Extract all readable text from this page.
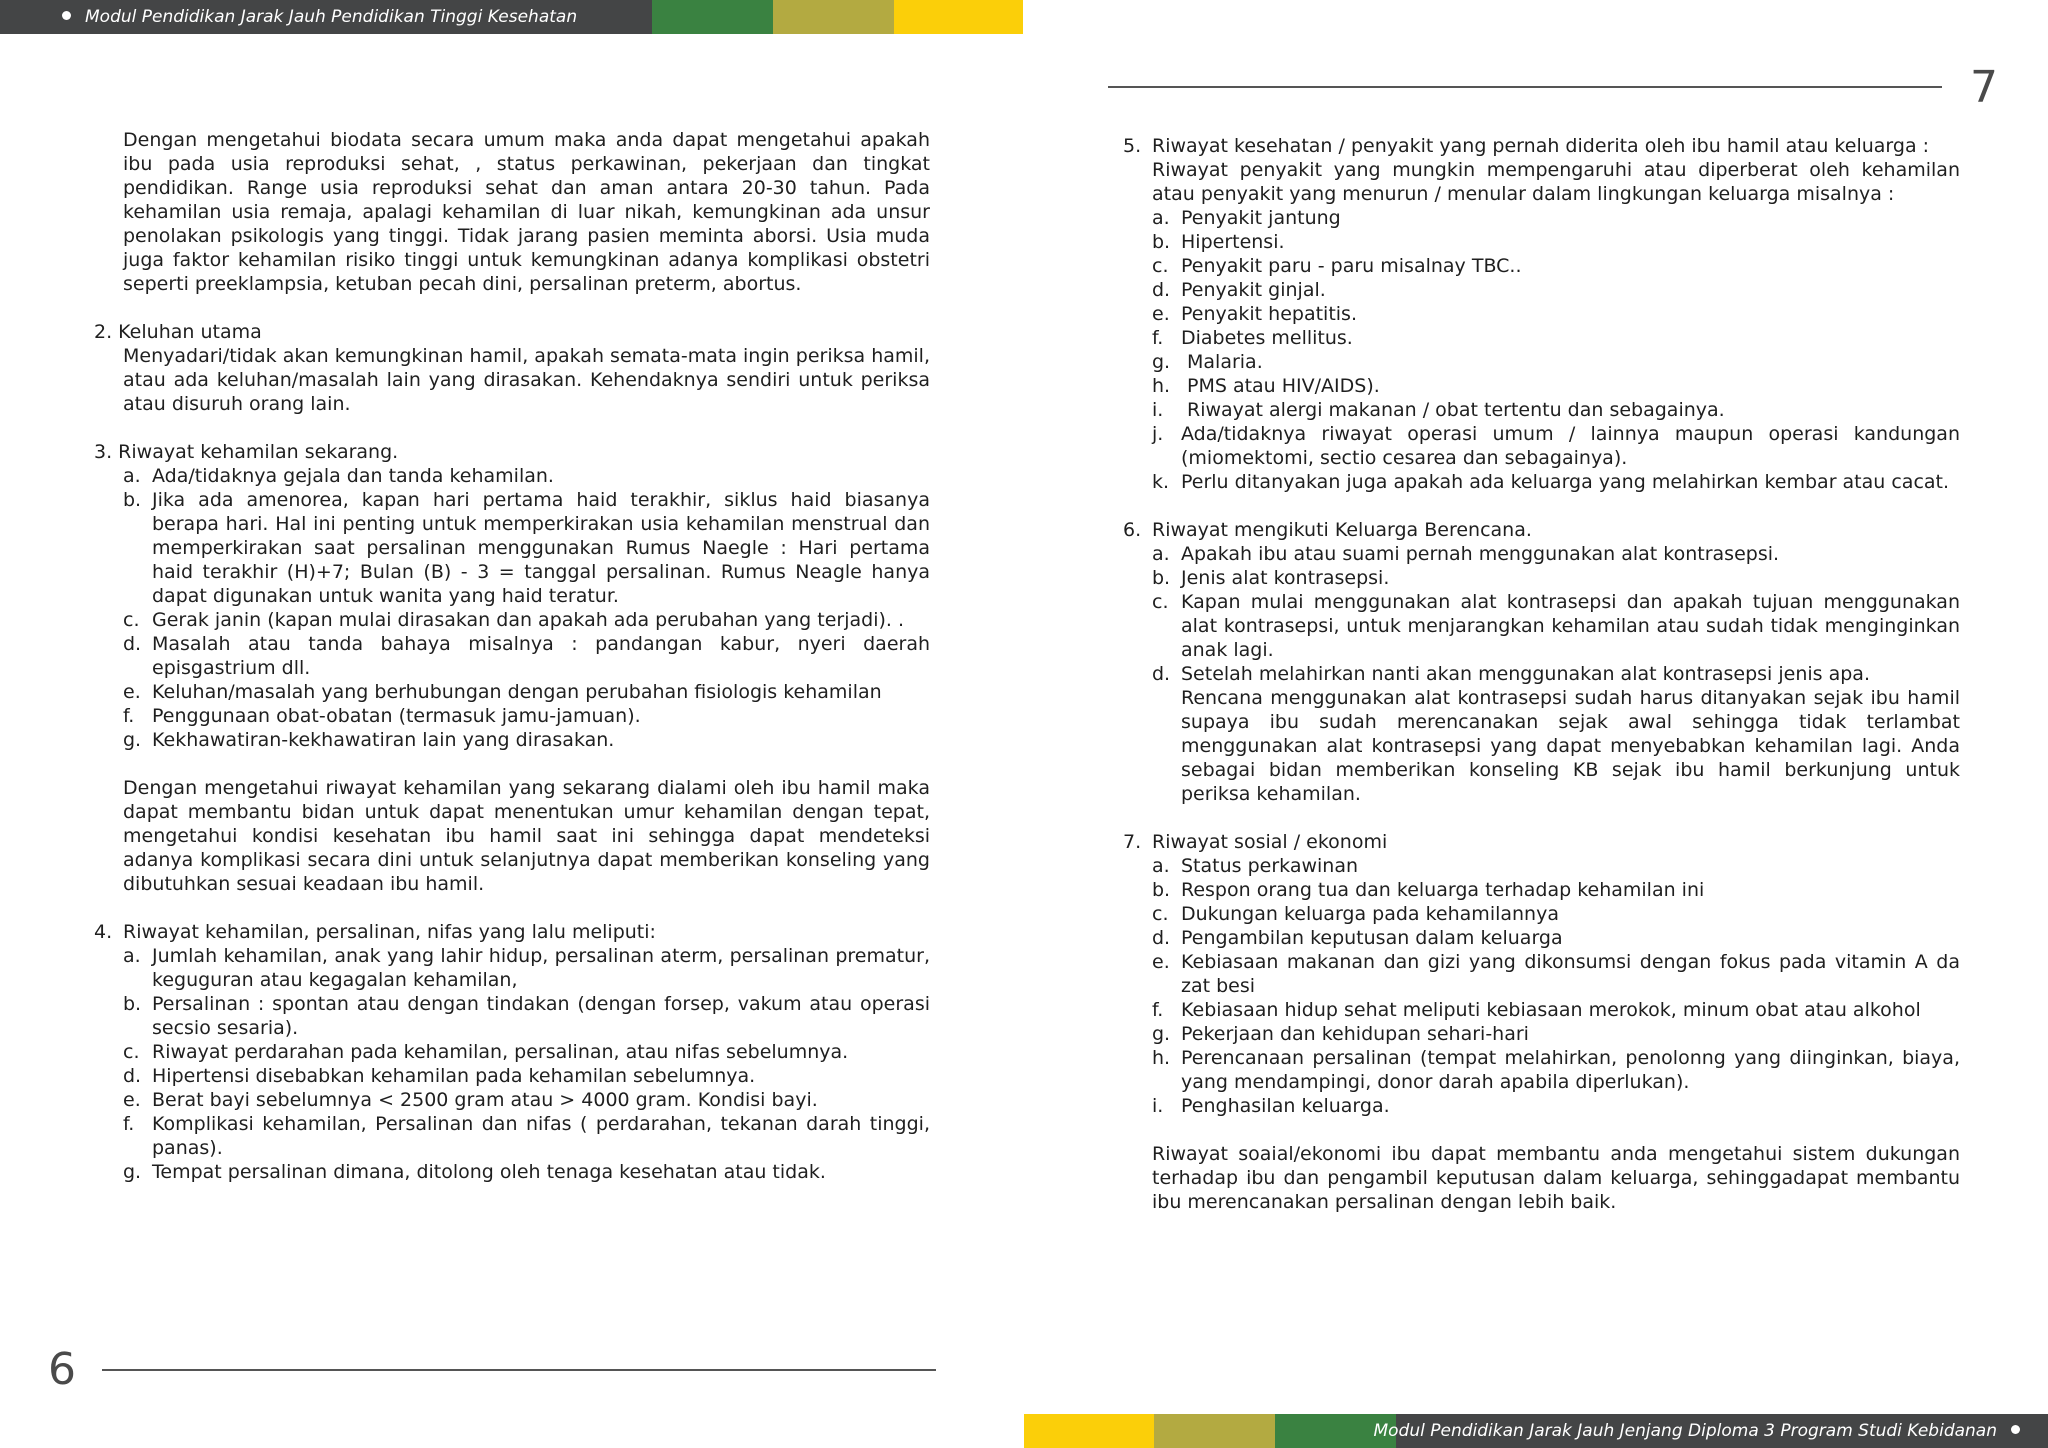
Modul Pendidikan Jarak Jauh Pendidikan Tinggi Kesehatan
7

Dengan mengetahui biodata secara umum maka anda dapat mengetahui apakah ibu pada usia reproduksi sehat, , status perkawinan, pekerjaan dan tingkat pendidikan. Range usia reproduksi sehat dan aman antara 20-30 tahun. Pada kehamilan usia remaja, apalagi kehamilan di luar nikah, kemungkinan ada unsur penolakan psikologis yang tinggi. Tidak jarang pasien meminta aborsi. Usia muda juga faktor kehamilan risiko tinggi untuk kemungkinan adanya komplikasi obstetri seperti preeklampsia, ketuban pecah dini, persalinan preterm, abortus.

2. Keluhan utama

Menyadari/tidak akan kemungkinan hamil, apakah semata-mata ingin periksa hamil, atau ada keluhan/masalah lain yang dirasakan. Kehendaknya sendiri untuk periksa atau disuruh orang lain.

3. Riwayat kehamilan sekarang.

a. Ada/tidaknya gejala dan tanda kehamilan.
b. Jika ada amenorea, kapan hari pertama haid terakhir, siklus haid biasanya berapa hari. Hal ini penting untuk memperkirakan usia kehamilan menstrual dan memperkirakan saat persalinan menggunakan Rumus Naegle : Hari pertama haid terakhir (H)+7; Bulan (B) - 3 = tanggal persalinan. Rumus Neagle hanya dapat digunakan untuk wanita yang haid teratur.
c. Gerak janin (kapan mulai dirasakan dan apakah ada perubahan yang terjadi). .
d. Masalah atau tanda bahaya misalnya : pandangan kabur, nyeri daerah episgastrium dll.
e. Keluhan/masalah yang berhubungan dengan perubahan fisiologis kehamilan
f. Penggunaan obat-obatan (termasuk jamu-jamuan).
g. Kekhawatiran-kekhawatiran lain yang dirasakan.

Dengan mengetahui riwayat kehamilan yang sekarang dialami oleh ibu hamil maka dapat membantu bidan untuk dapat menentukan umur kehamilan dengan tepat, mengetahui kondisi kesehatan ibu hamil saat ini sehingga dapat mendeteksi adanya komplikasi secara dini untuk selanjutnya dapat memberikan konseling yang dibutuhkan sesuai keadaan ibu hamil.

4. Riwayat kehamilan, persalinan, nifas yang lalu meliputi:
a. Jumlah kehamilan, anak yang lahir hidup, persalinan aterm, persalinan prematur, keguguran atau kegagalan kehamilan,
b. Persalinan : spontan atau dengan tindakan (dengan forsep, vakum atau operasi secsio sesaria).
c. Riwayat perdarahan pada kehamilan, persalinan, atau nifas sebelumnya.
d. Hipertensi disebabkan kehamilan pada kehamilan sebelumnya.
e. Berat bayi sebelumnya < 2500 gram atau > 4000 gram. Kondisi bayi.
f. Komplikasi kehamilan, Persalinan dan nifas ( perdarahan, tekanan darah tinggi, panas).
g. Tempat persalinan dimana, ditolong oleh tenaga kesehatan atau tidak.
5. Riwayat kesehatan / penyakit yang pernah diderita oleh ibu hamil atau keluarga :

Riwayat penyakit yang mungkin mempengaruhi atau diperberat oleh kehamilan atau penyakit yang menurun / menular dalam lingkungan keluarga misalnya :

a. Penyakit jantung
b. Hipertensi.
c. Penyakit paru - paru misalnay TBC..
d. Penyakit ginjal.
e. Penyakit hepatitis.
f. Diabetes mellitus.
g. Malaria.
h. PMS atau HIV/AIDS).
i.	Riwayat alergi makanan / obat tertentu dan sebagainya.
j. Ada/tidaknya riwayat operasi umum / lainnya maupun operasi kandungan (miomektomi, sectio cesarea dan sebagainya).
k. Perlu ditanyakan juga apakah ada keluarga yang melahirkan kembar atau cacat.
6. Riwayat mengikuti Keluarga Berencana.
a. Apakah ibu atau suami pernah menggunakan alat kontrasepsi.
b. Jenis alat kontrasepsi.
c. Kapan mulai menggunakan alat kontrasepsi dan apakah tujuan menggunakan alat kontrasepsi, untuk menjarangkan kehamilan atau sudah tidak menginginkan anak lagi.
d. Setelah melahirkan nanti akan menggunakan alat kontrasepsi jenis apa.

Rencana menggunakan alat kontrasepsi sudah harus ditanyakan sejak ibu hamil supaya ibu sudah merencanakan sejak awal sehingga tidak terlambat menggunakan alat kontrasepsi yang dapat menyebabkan kehamilan lagi. Anda sebagai bidan memberikan konseling KB sejak ibu hamil berkunjung untuk periksa kehamilan.

7. Riwayat sosial / ekonomi
a. Status perkawinan
b. Respon orang tua dan keluarga terhadap kehamilan ini
c. Dukungan keluarga pada kehamilannya
d. Pengambilan keputusan dalam keluarga
e. Kebiasaan makanan dan gizi yang dikonsumsi dengan fokus pada vitamin A da zat besi
f. Kebiasaan hidup sehat meliputi kebiasaan merokok, minum obat atau alkohol
g. Pekerjaan dan kehidupan sehari-hari
h. Perencanaan persalinan (tempat melahirkan, penolonng yang diinginkan, biaya, yang mendampingi, donor darah apabila diperlukan).
i. Penghasilan keluarga.

Riwayat soaial/ekonomi ibu dapat membantu anda mengetahui sistem dukungan terhadap ibu dan pengambil keputusan dalam keluarga, sehinggadapat membantu ibu merencanakan persalinan dengan lebih baik.

6
Modul Pendidikan Jarak Jauh Jenjang Diploma 3 Program Studi Kebidanan
